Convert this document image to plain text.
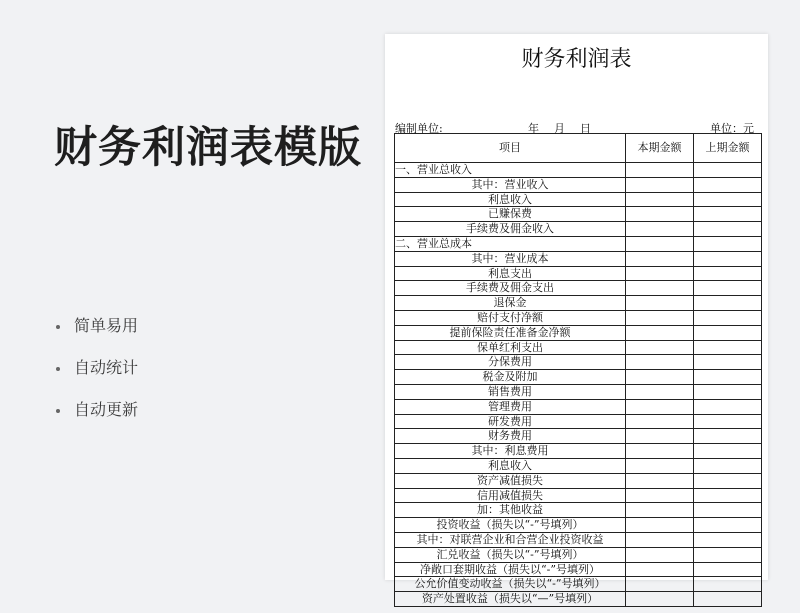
财务利润表模版
简单易用
自动统计
自动更新
财务利润表
编制单位:	年　月　日	单位：元
项目	本期金额	上期金额
一、营业总收入		
其中：营业收入		
利息收入		
已赚保费		
手续费及佣金收入		
二、营业总成本		
其中：营业成本		
利息支出		
手续费及佣金支出		
退保金		
赔付支付净额		
提前保险责任准备金净额		
保单红利支出		
分保费用		
税金及附加		
销售费用		
管理费用		
研发费用		
财务费用		
其中：利息费用		
利息收入		
资产减值损失		
信用减值损失		
加：其他收益		
投资收益（损失以“-”号填列）		
其中：对联营企业和合营企业投资收益		
汇兑收益（损失以“-”号填列）		
净敞口套期收益（损失以“-”号填列）		
公允价值变动收益（损失以“-”号填列）		
资产处置收益（损失以“—”号填列）		
